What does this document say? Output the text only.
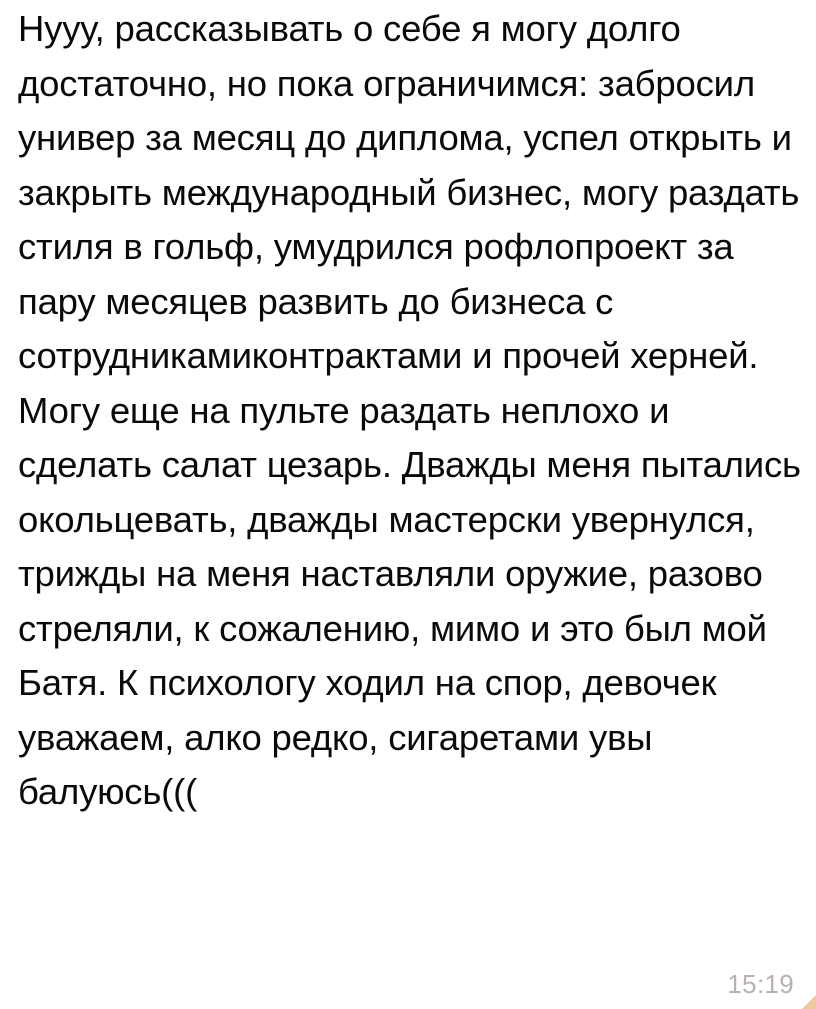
Нууу, рассказывать о себе я могу долго достаточно, но пока ограничимся: забросил универ за месяц до диплома, успел открыть и закрыть международный бизнес, могу раздать стиля в гольф, умудрился рофлопроект за пару месяцев развить до бизнеса с сотрудникамиконтрактами и прочей херней. Могу еще на пульте раздать неплохо и сделать салат цезарь. Дважды меня пытались окольцевать, дважды мастерски увернулся, трижды на меня наставляли оружие, разово стреляли, к сожалению, мимо и это был мой Батя. К психологу ходил на спор, девочек уважаем, алко редко, сигаретами увы балуюсь(((
15:19
